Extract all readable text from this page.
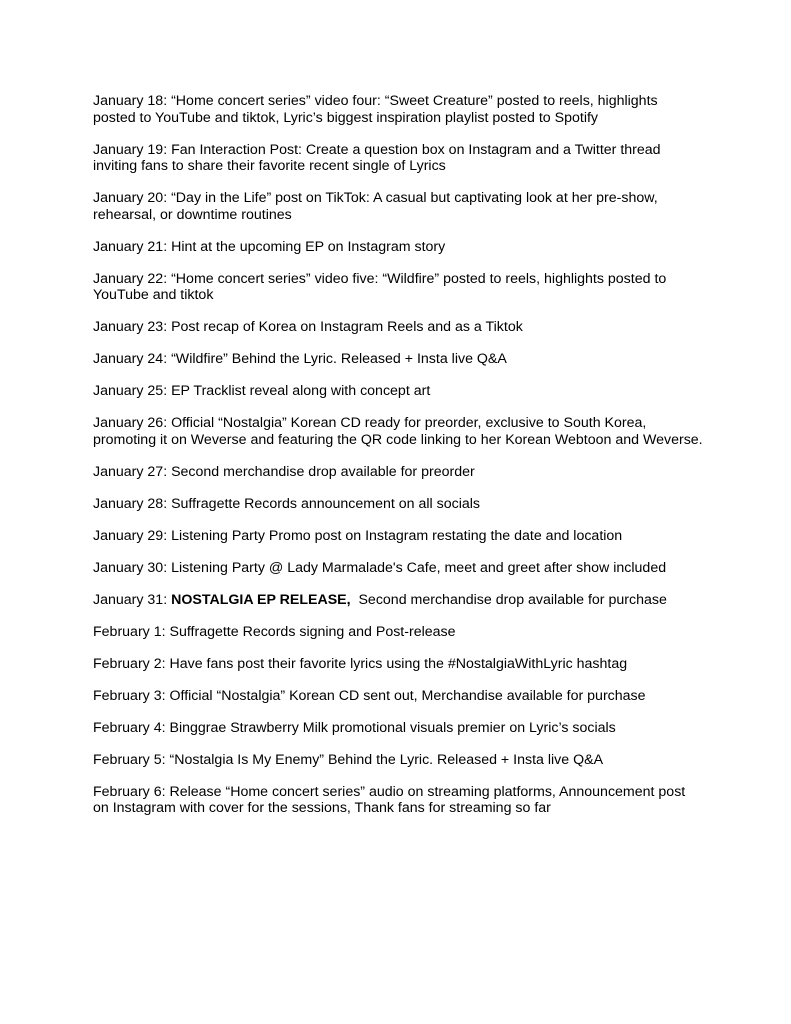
January 18: “Home concert series” video four: “Sweet Creature” posted to reels, highlights posted to YouTube and tiktok, Lyric’s biggest inspiration playlist posted to Spotify

January 19: Fan Interaction Post: Create a question box on Instagram and a Twitter thread inviting fans to share their favorite recent single of Lyrics

January 20: “Day in the Life” post on TikTok: A casual but captivating look at her pre-show, rehearsal, or downtime routines

January 21: Hint at the upcoming EP on Instagram story

January 22: “Home concert series” video five: “Wildfire” posted to reels, highlights posted to YouTube and tiktok

January 23: Post recap of Korea on Instagram Reels and as a Tiktok

January 24: “Wildfire” Behind the Lyric. Released + Insta live Q&A

January 25: EP Tracklist reveal along with concept art

January 26: Official “Nostalgia” Korean CD ready for preorder, exclusive to South Korea, promoting it on Weverse and featuring the QR code linking to her Korean Webtoon and Weverse.

January 27: Second merchandise drop available for preorder

January 28: Suffragette Records announcement on all socials

January 29: Listening Party Promo post on Instagram restating the date and location

January 30: Listening Party @ Lady Marmalade's Cafe, meet and greet after show included

January 31: NOSTALGIA EP RELEASE,  Second merchandise drop available for purchase

February 1: Suffragette Records signing and Post-release

February 2: Have fans post their favorite lyrics using the #NostalgiaWithLyric hashtag

February 3: Official “Nostalgia” Korean CD sent out, Merchandise available for purchase

February 4: Binggrae Strawberry Milk promotional visuals premier on Lyric’s socials

February 5: “Nostalgia Is My Enemy” Behind the Lyric. Released + Insta live Q&A

February 6: Release “Home concert series” audio on streaming platforms, Announcement post on Instagram with cover for the sessions, Thank fans for streaming so far
